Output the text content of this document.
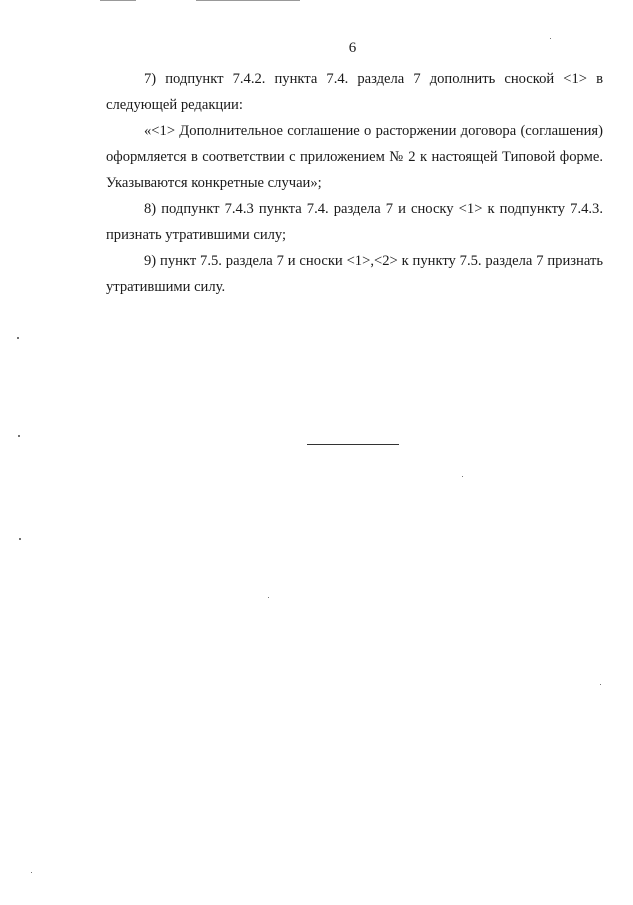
6

7) подпункт 7.4.2. пункта 7.4. раздела 7 дополнить сноской <1> в следующей редакции:

«<1> Дополнительное соглашение о расторжении договора (соглашения) оформляется в соответствии с приложением № 2 к настоящей Типовой форме. Указываются конкретные случаи»;

8) подпункт 7.4.3 пункта 7.4. раздела 7 и сноску <1> к подпункту 7.4.3. признать утратившими силу;

9) пункт 7.5. раздела 7 и сноски <1>,<2> к пункту 7.5. раздела 7 признать утратившими силу.
